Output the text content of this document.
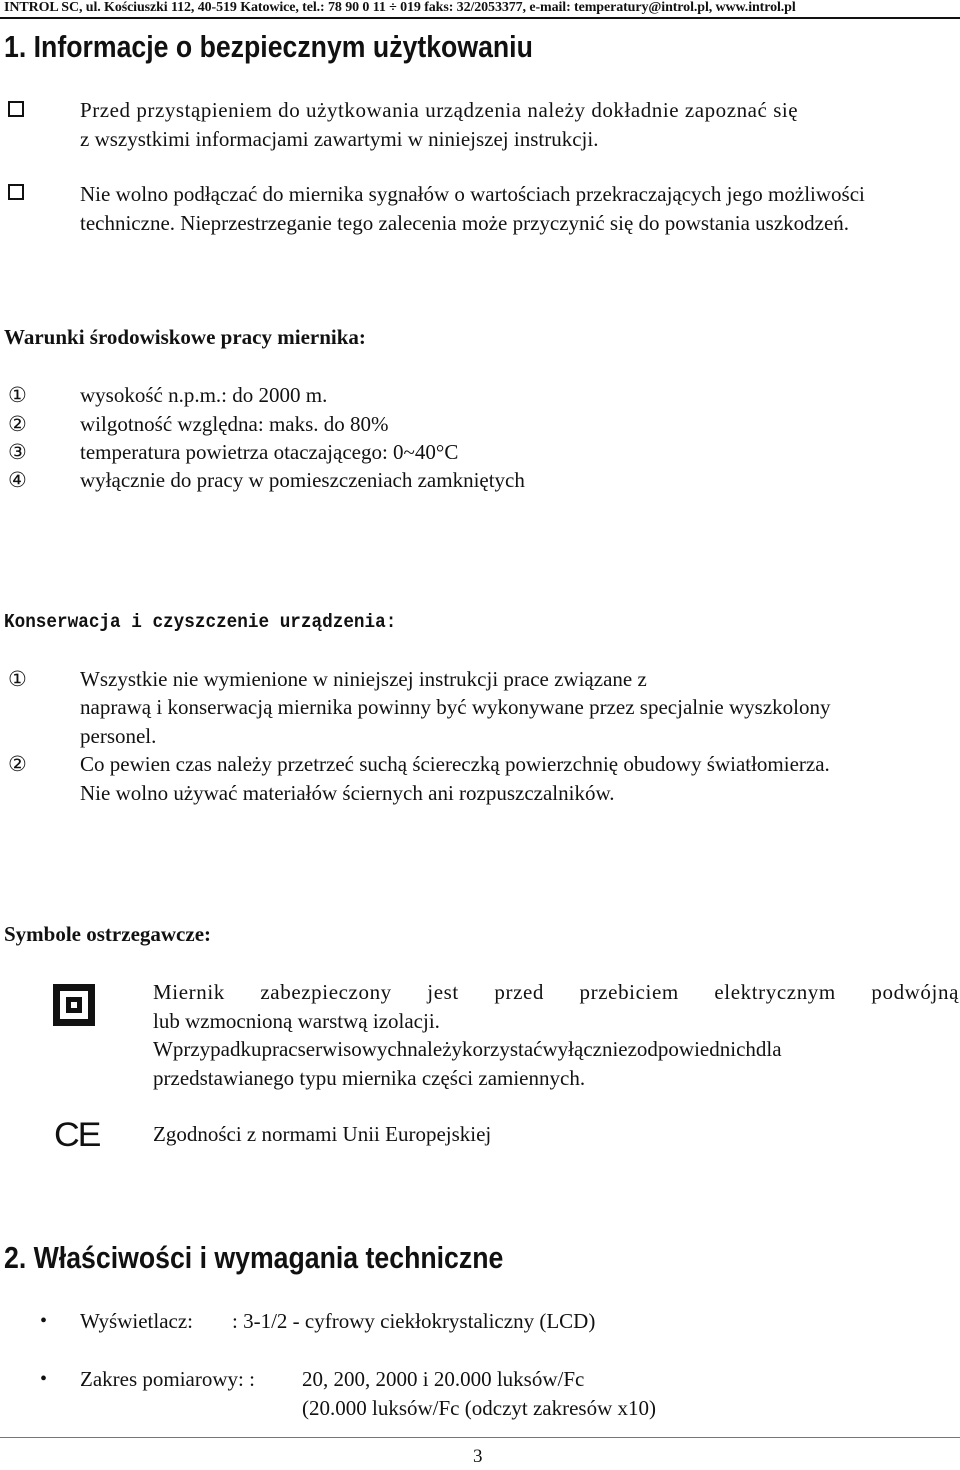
INTROL SC, ul. Kościuszki 112, 40-519 Katowice, tel.: 78 90 0 11 ÷ 019 faks: 32/2053377, e-mail: temperatury@introl.pl, www.introl.pl
1. Informacje o bezpiecznym użytkowaniu
Przed przystąpieniem do użytkowania urządzenia należy dokładnie zapoznać się
z wszystkimi informacjami zawartymi w niniejszej instrukcji.
Nie wolno podłączać do miernika sygnałów o wartościach przekraczających jego możliwości
techniczne. Nieprzestrzeganie tego zalecenia może przyczynić się do powstania uszkodzeń.
Warunki środowiskowe pracy miernika:
①	wysokość n.p.m.: do 2000 m.
②	wilgotność względna: maks. do 80%
③	temperatura powietrza otaczającego: 0~40°C
④	wyłącznie do pracy w pomieszczeniach zamkniętych
Konserwacja i czyszczenie urządzenia:
①	Wszystkie nie wymienione w niniejszej instrukcji prace związane z
naprawą i konserwacją miernika powinny być wykonywane przez specjalnie wyszkolony
personel.
②	Co pewien czas należy przetrzeć suchą ściereczką powierzchnię obudowy światłomierza.
Nie wolno używać materiałów ściernych ani rozpuszczalników.
Symbole ostrzegawcze:
Miernik zabezpieczony jest przed przebiciem elektrycznym podwójną
lub wzmocnioną warstwą izolacji.
Wprzypadkupracserwisowychnależykorzystaćwyłączniezodpowiednichdla
przedstawianego typu miernika części zamiennych.
CE	Zgodności z normami Unii Europejskiej
2. Właściwości i wymagania techniczne
• Wyświetlacz: : 3-1/2 - cyfrowy ciekłokrystaliczny (LCD)
• Zakres pomiarowy: : 20, 200, 2000 i 20.000 luksów/Fc
(20.000 luksów/Fc (odczyt zakresów x10)
3
